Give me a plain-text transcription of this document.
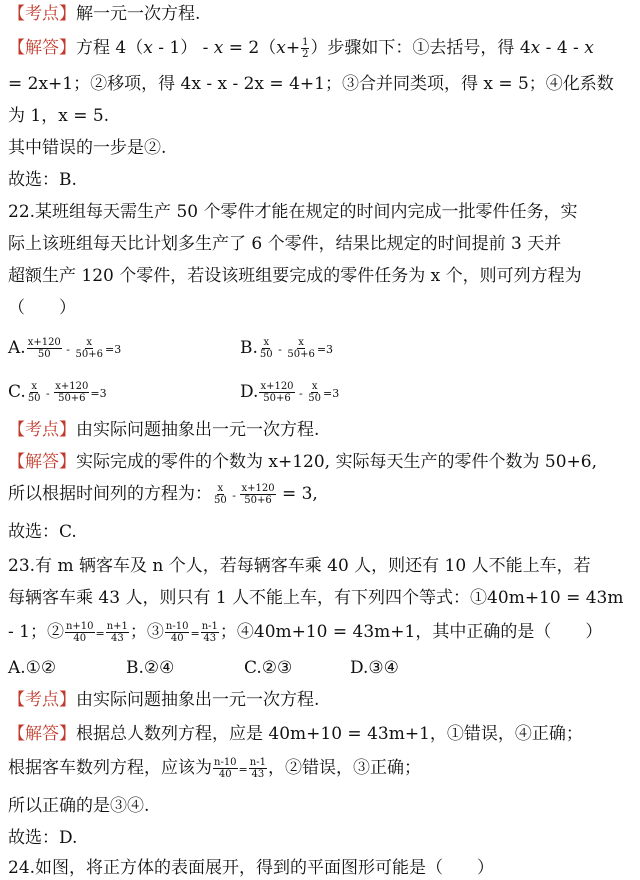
【考点】解一元一次方程.
【解答】方程 $4(x - 1) - x = 2(x+ \frac{1}{2}$ ）步骤如下：①去括号，得 4x - 4 - x
= 2x+1；②移项，得 4x - x - 2x = 4+1；③合并同类项，得 x = 5；④化系数
为 1，x = 5.
其中错误的一步是②.
故选：B.
22.某班组每天需生产 50 个零件才能在规定的时间内完成一批零件任务，实
际上该班组每天比计划多生产了 6 个零件，结果比规定的时间提前 3 天并
超额生产 120 个零件，若设该班组要完成的零件任务为 x 个，则可列方程为
（　　）
A. $\frac{x+120}{50} - \frac{x}{50+6} =3$	B. $\frac{x}{50} - \frac{x}{50+6} =3$
C. $\frac{x}{50} - \frac{x+120}{50+6} =3$	D. $\frac{x+120}{50+6} - \frac{x}{50} =3$
【考点】由实际问题抽象出一元一次方程.
【解答】实际完成的零件的个数为 x+120, 实际每天生产的零件个数为 50+6,
所以根据时间列的方程为： $\frac{x}{50} - \frac{x+120}{50+6} = 3$,
故选：C.
23.有 m 辆客车及 n 个人，若每辆客车乘 40 人，则还有 10 人不能上车，若
每辆客车乘 43 人，则只有 1 人不能上车，有下列四个等式：①40m+10 = 43m
- 1；② $\frac{n+10}{40} = \frac{n+1}{43}$ ；③ $\frac{n-10}{40} = \frac{n-1}{43}$ ；④40m+10 = 43m+1，其中正确的是（　　）
A.①②	B.②④	C.②③	D.③④
【考点】由实际问题抽象出一元一次方程.
【解答】根据总人数列方程，应是 40m+10 = 43m+1，①错误，④正确；
根据客车数列方程，应该为 $\frac{n-10}{40} = \frac{n-1}{43}$ ，②错误，③正确；
所以正确的是③④.
故选：D.
24.如图，将正方体的表面展开，得到的平面图形可能是（　　）
